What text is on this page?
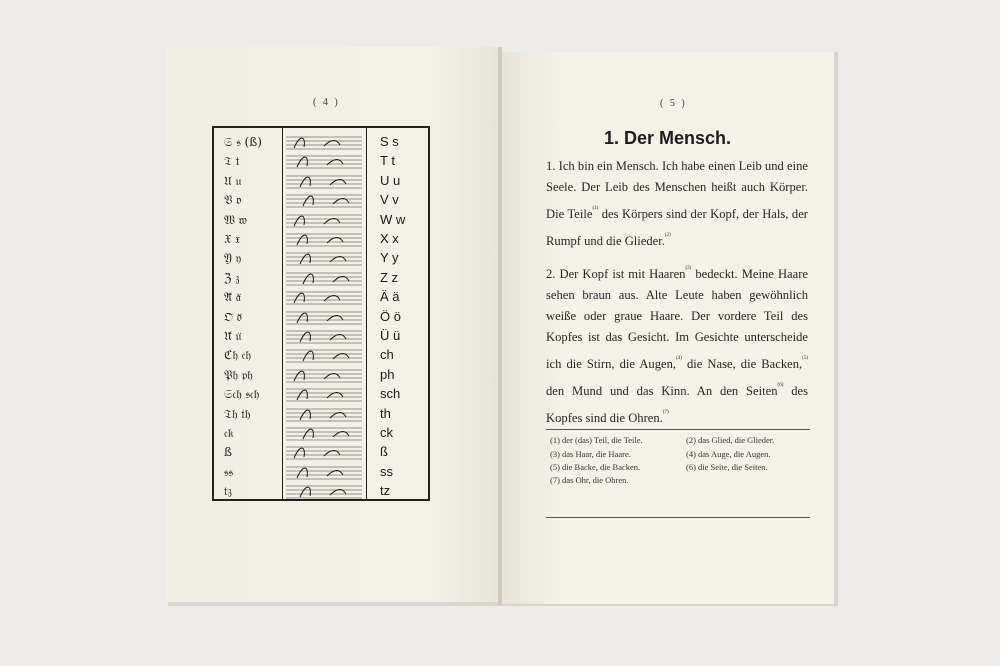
( 4 )	( 5 )
𝔖 𝔰 (ß)	S s
𝔗 𝔱	T t
𝔘 𝔲	U u
𝔙 𝔳	V v
𝔚 𝔴	W w
𝔛 𝔵	X x
𝔜 𝔶	Y y
ℨ 𝔷	Z z
𝔄̈ 𝔞̈	Ä ä
𝔒̈ 𝔬̈	Ö ö
𝔘̈ 𝔲̈	Ü ü
ℭ𝔥 𝔠𝔥	ch
𝔓𝔥 𝔭𝔥	ph
𝔖𝔠𝔥 𝔰𝔠𝔥	sch
𝔗𝔥 𝔱𝔥	th
𝔠𝔨	ck
ß	ß
𝔰𝔰	ss
𝔱𝔷	tz
1. Der Mensch.

1. Ich bin ein Mensch. Ich habe einen Leib und eine Seele. Der Leib des Menschen heißt auch Körper. Die Teile$^{(1)}$ des Körpers sind der Kopf, der Hals, der Rumpf und die Glieder.$^{(2)}$

2. Der Kopf ist mit Haaren$^{(3)}$ bedeckt. Meine Haare sehen braun aus. Alte Leute haben gewöhnlich weiße oder graue Haare. Der vordere Teil des Kopfes ist das Gesicht. Im Gesichte unterscheide ich die Stirn, die Augen,$^{(4)}$ die Nase, die Backen,$^{(5)}$ den Mund und das Kinn. An den Seiten$^{(6)}$ des Kopfes sind die Ohren.$^{(7)}$

(1) der (das) Teil, die Teile.	(2) das Glied, die Glieder.
(3) das Haar, die Haare.	(4) das Auge, die Augen.
(5) die Backe, die Backen.	(6) die Seite, die Seiten.
(7) das Ohr, die Ohren.
